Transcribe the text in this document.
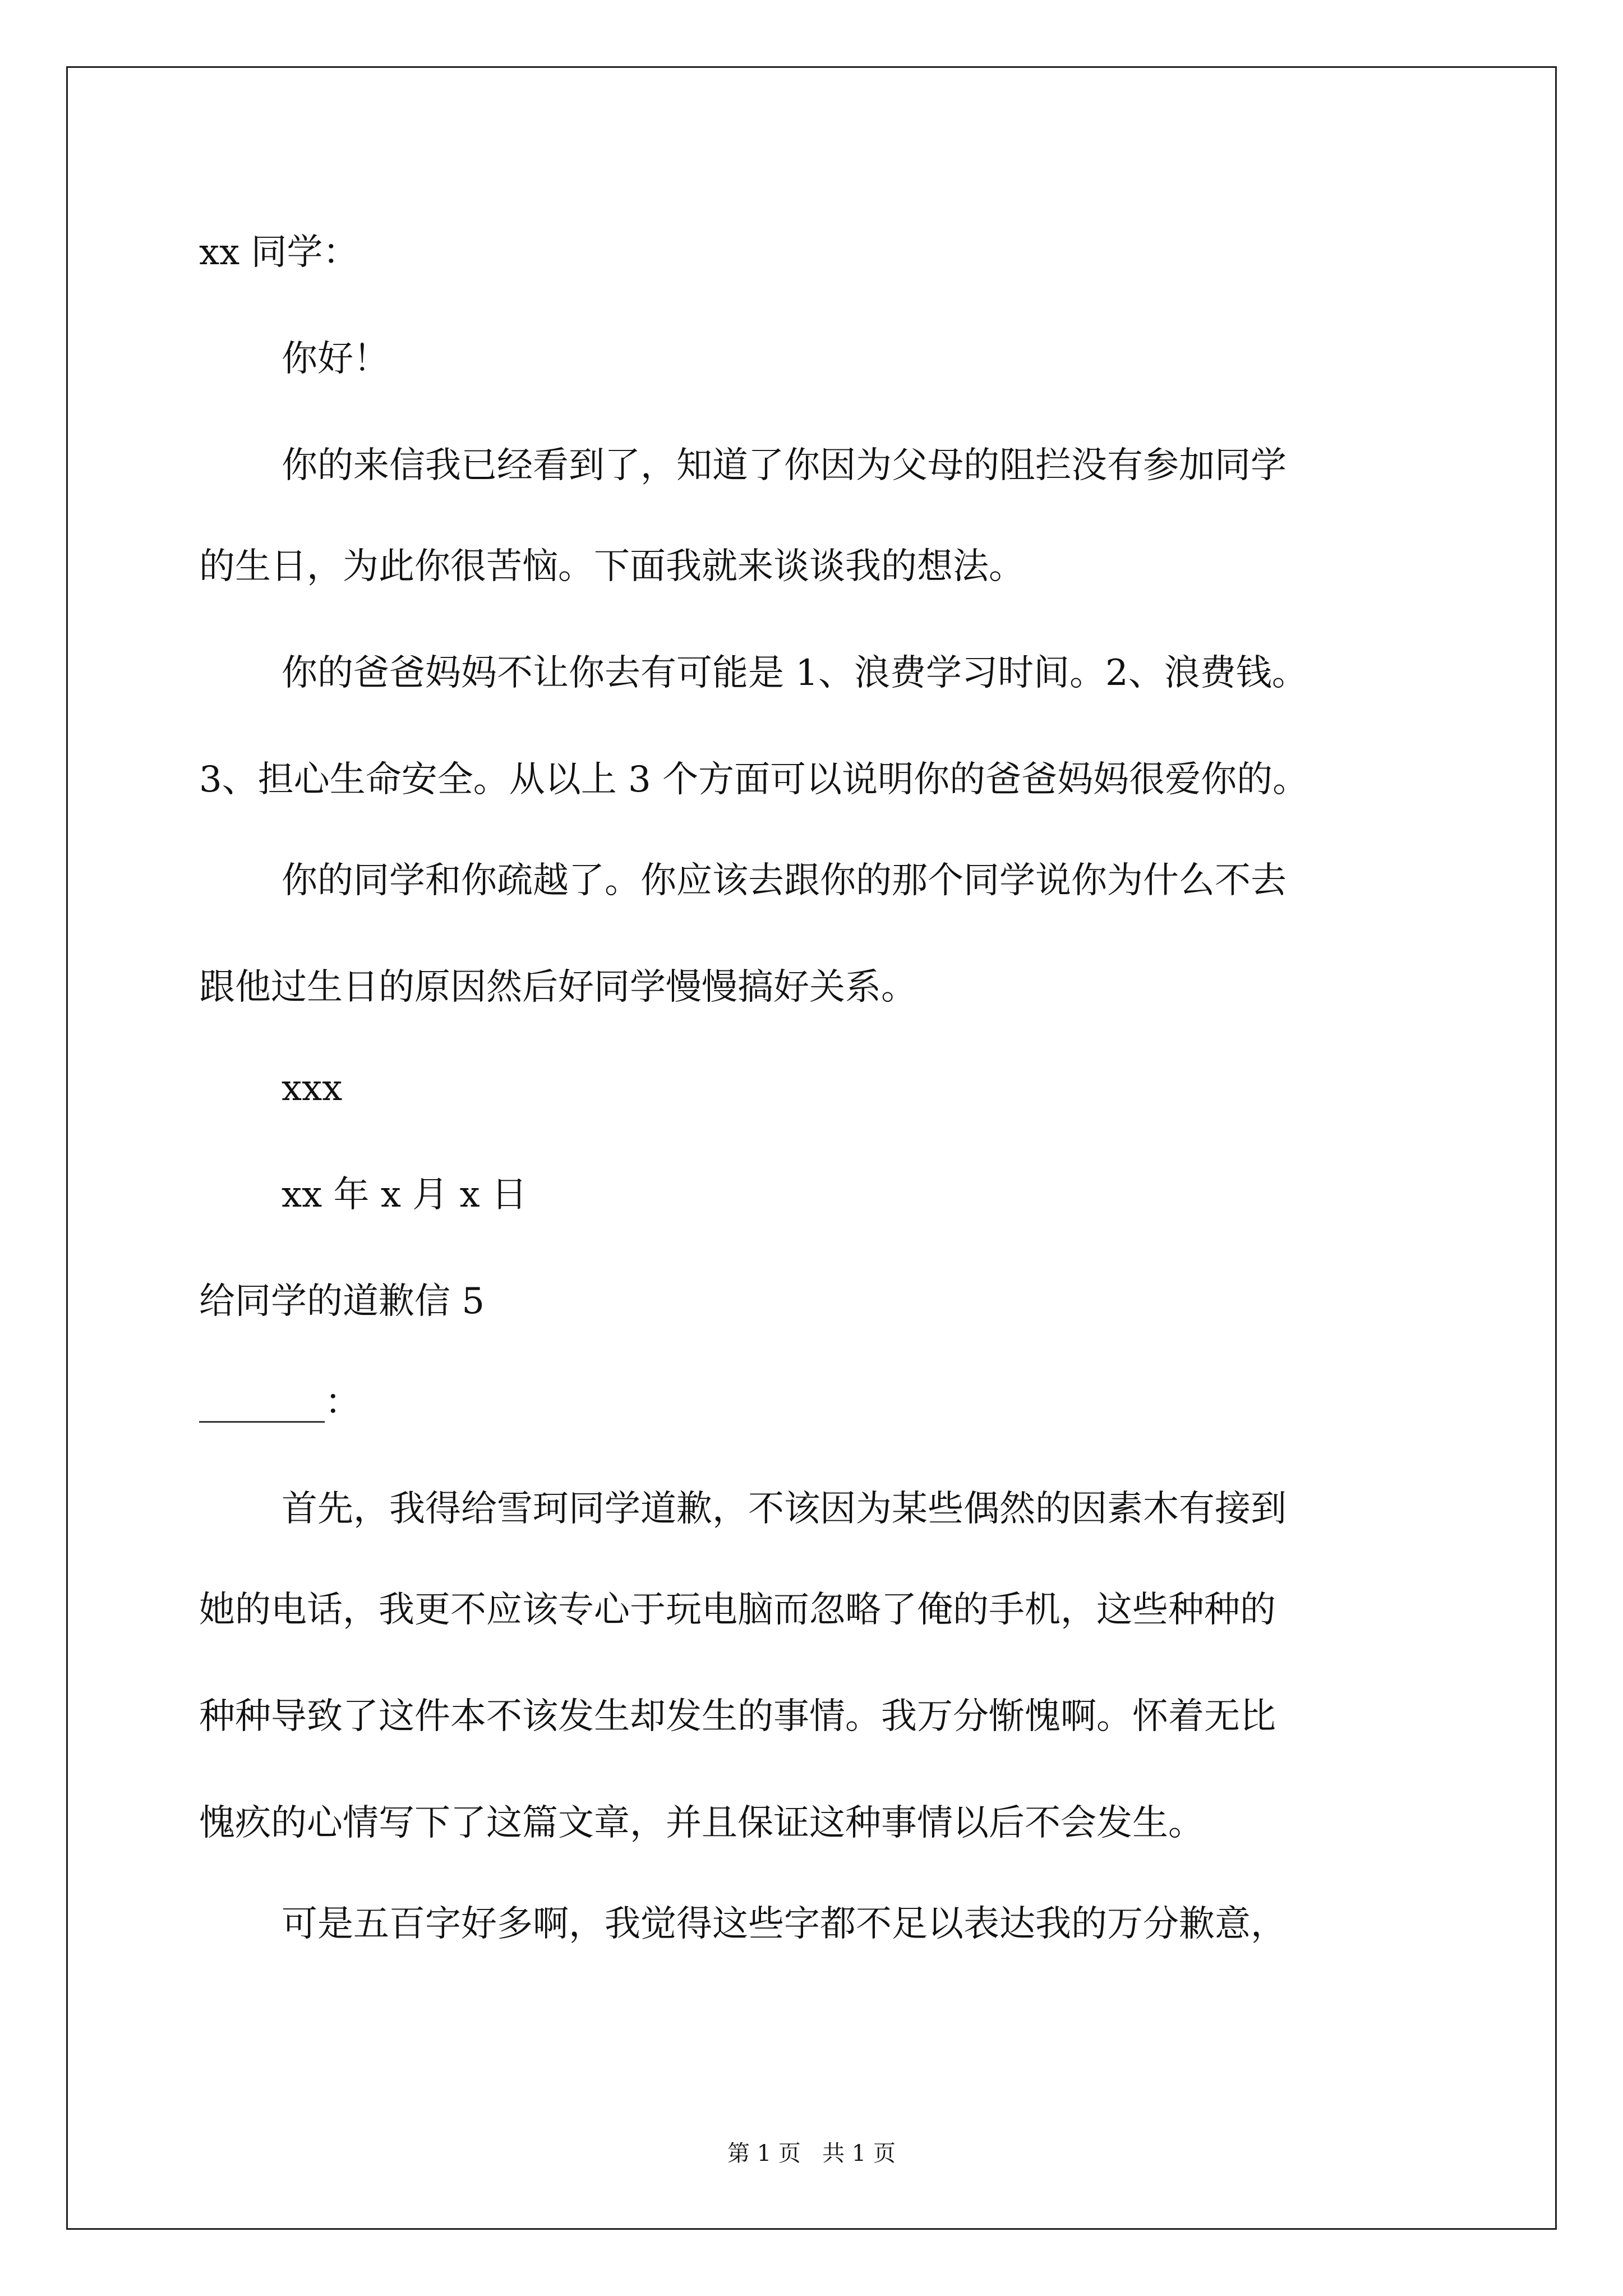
xx 同学：
你好！
你的来信我已经看到了，知道了你因为父母的阻拦没有参加同学
的生日，为此你很苦恼。下面我就来谈谈我的想法。
你的爸爸妈妈不让你去有可能是 1、浪费学习时间。2、浪费钱。
3、担心生命安全。从以上 3 个方面可以说明你的爸爸妈妈很爱你的。
你的同学和你疏越了。你应该去跟你的那个同学说你为什么不去
跟他过生日的原因然后好同学慢慢搞好关系。
xxx
xx 年 x 月 x 日
给同学的道歉信 5
_______：
首先，我得给雪珂同学道歉，不该因为某些偶然的因素木有接到
她的电话，我更不应该专心于玩电脑而忽略了俺的手机，这些种种的
种种导致了这件本不该发生却发生的事情。我万分惭愧啊。怀着无比
愧疚的心情写下了这篇文章，并且保证这种事情以后不会发生。
可是五百字好多啊，我觉得这些字都不足以表达我的万分歉意，
第 1 页   共 1 页
